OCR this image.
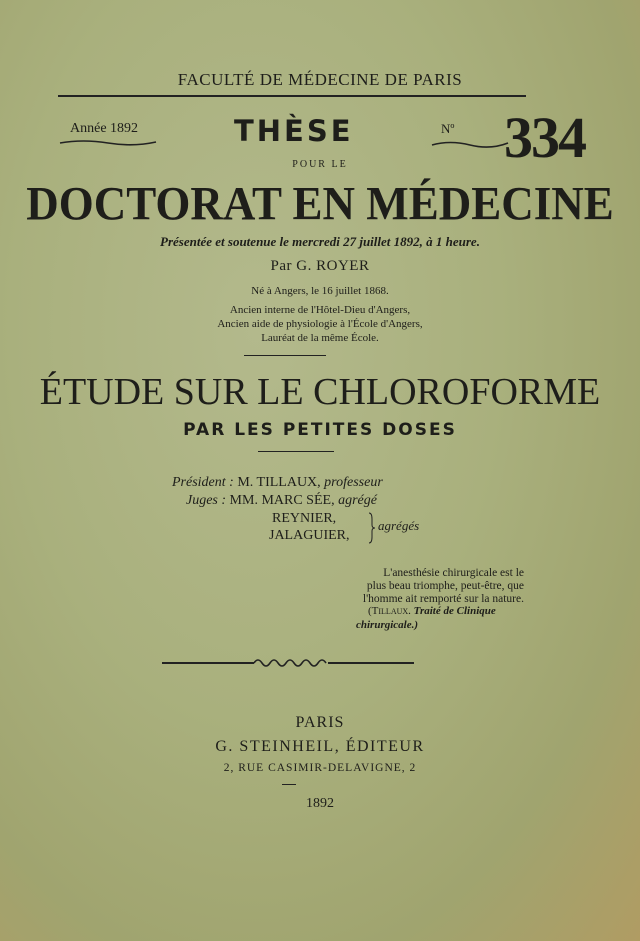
FACULTÉ DE MÉDECINE DE PARIS
Année 1892	THÈSE	Nº 334
POUR LE
DOCTORAT EN MÉDECINE
Présentée et soutenue le mercredi 27 juillet 1892, à 1 heure.
Par G. ROYER
Né à Angers, le 16 juillet 1868.
Ancien interne de l'Hôtel-Dieu d'Angers,
Ancien aide de physiologie à l'École d'Angers,
Lauréat de la même École.
ÉTUDE SUR LE CHLOROFORME
PAR LES PETITES DOSES
Président : M. TILLAUX, professeur
Juges : MM. MARC SÉE, agrégé
REYNIER,
JALAGUIER,
agrégés
L'anesthésie chirurgicale est le
plus beau triomphe, peut-être, que
l'homme ait remporté sur la nature.
(Tillaux. Traité de Clinique
chirurgicale.)
PARIS
G. STEINHEIL, ÉDITEUR
2, RUE CASIMIR-DELAVIGNE, 2
1892
